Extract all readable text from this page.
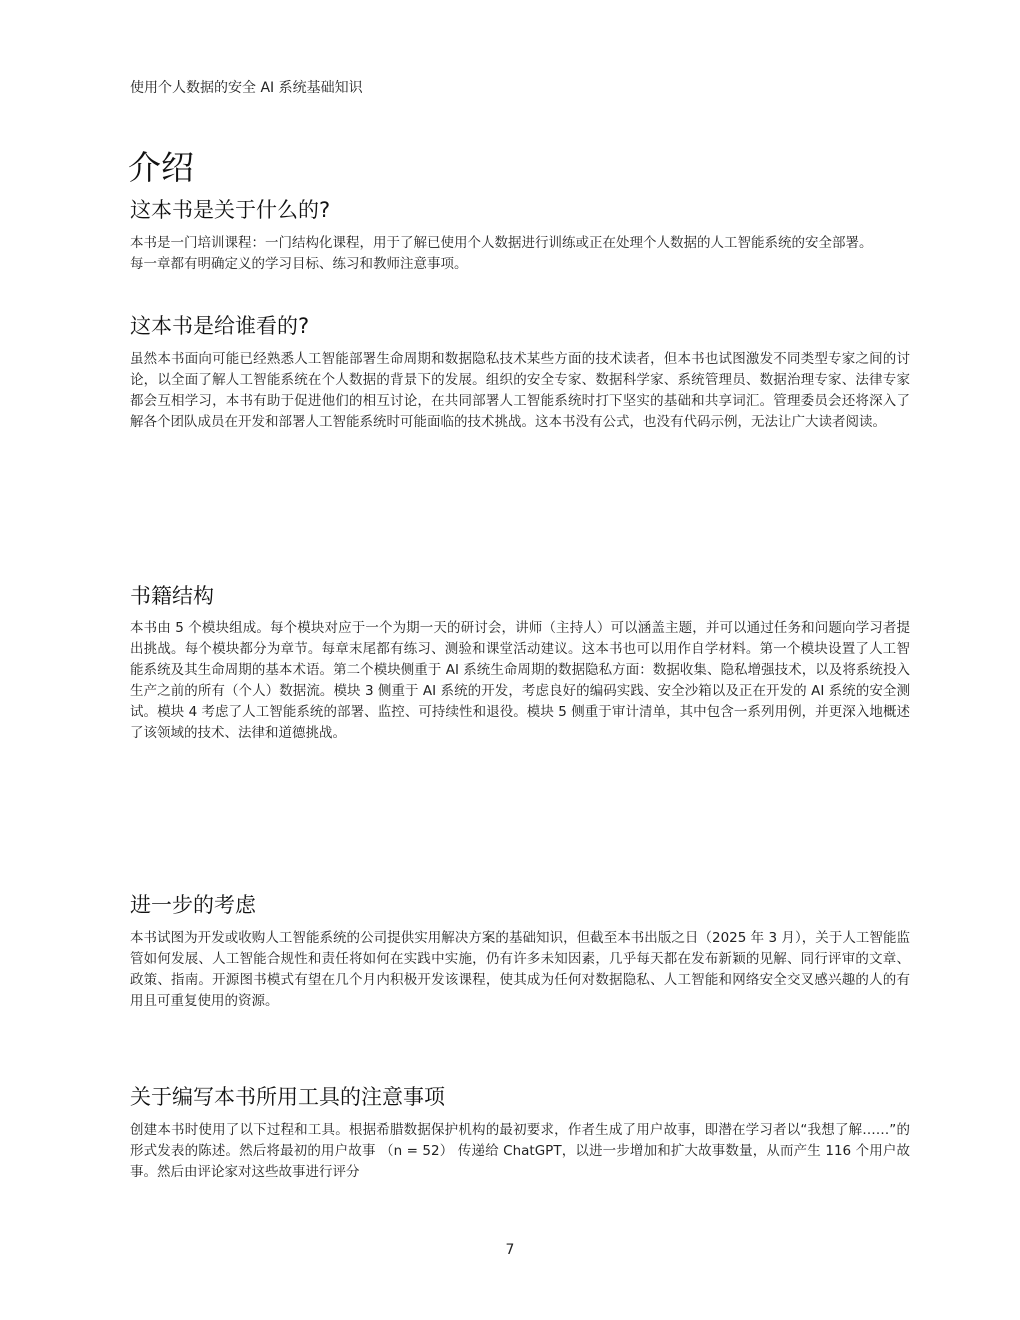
使用个人数据的安全 AI 系统基础知识
介绍
这本书是关于什么的?

本书是一门培训课程：一门结构化课程，用于了解已使用个人数据进行训练或正在处理个人数据的人工智能系统的安全部署。

每一章都有明确定义的学习目标、练习和教师注意事项。

这本书是给谁看的?

虽然本书面向可能已经熟悉人工智能部署生命周期和数据隐私技术某些方面的技术读者，但本书也试图激发不同类型专家之间的讨论，以全面了解人工智能系统在个人数据的背景下的发展。组织的安全专家、数据科学家、系统管理员、数据治理专家、法律专家都会互相学习，本书有助于促进他们的相互讨论，在共同部署人工智能系统时打下坚实的基础和共享词汇。管理委员会还将深入了解各个团队成员在开发和部署人工智能系统时可能面临的技术挑战。这本书没有公式，也没有代码示例，无法让广大读者阅读。

书籍结构

本书由 5 个模块组成。每个模块对应于一个为期一天的研讨会，讲师（主持人）可以涵盖主题，并可以通过任务和问题向学习者提出挑战。每个模块都分为章节。每章末尾都有练习、测验和课堂活动建议。这本书也可以用作自学材料。第一个模块设置了人工智能系统及其生命周期的基本术语。第二个模块侧重于 AI 系统生命周期的数据隐私方面：数据收集、隐私增强技术，以及将系统投入生产之前的所有（个人）数据流。模块 3 侧重于 AI 系统的开发，考虑良好的编码实践、安全沙箱以及正在开发的 AI 系统的安全测试。模块 4 考虑了人工智能系统的部署、监控、可持续性和退役。模块 5 侧重于审计清单，其中包含一系列用例，并更深入地概述了该领域的技术、法律和道德挑战。

进一步的考虑

本书试图为开发或收购人工智能系统的公司提供实用解决方案的基础知识，但截至本书出版之日（2025 年 3 月），关于人工智能监管如何发展、人工智能合规性和责任将如何在实践中实施，仍有许多未知因素，几乎每天都在发布新颖的见解、同行评审的文章、政策、指南。开源图书模式有望在几个月内积极开发该课程，使其成为任何对数据隐私、人工智能和网络安全交叉感兴趣的人的有用且可重复使用的资源。

关于编写本书所用工具的注意事项

创建本书时使用了以下过程和工具。根据希腊数据保护机构的最初要求，作者生成了用户故事，即潜在学习者以“我想了解……”的形式发表的陈述。然后将最初的用户故事 （n = 52） 传递给 ChatGPT，以进一步增加和扩大故事数量，从而产生 116 个用户故事。然后由评论家对这些故事进行评分

7
